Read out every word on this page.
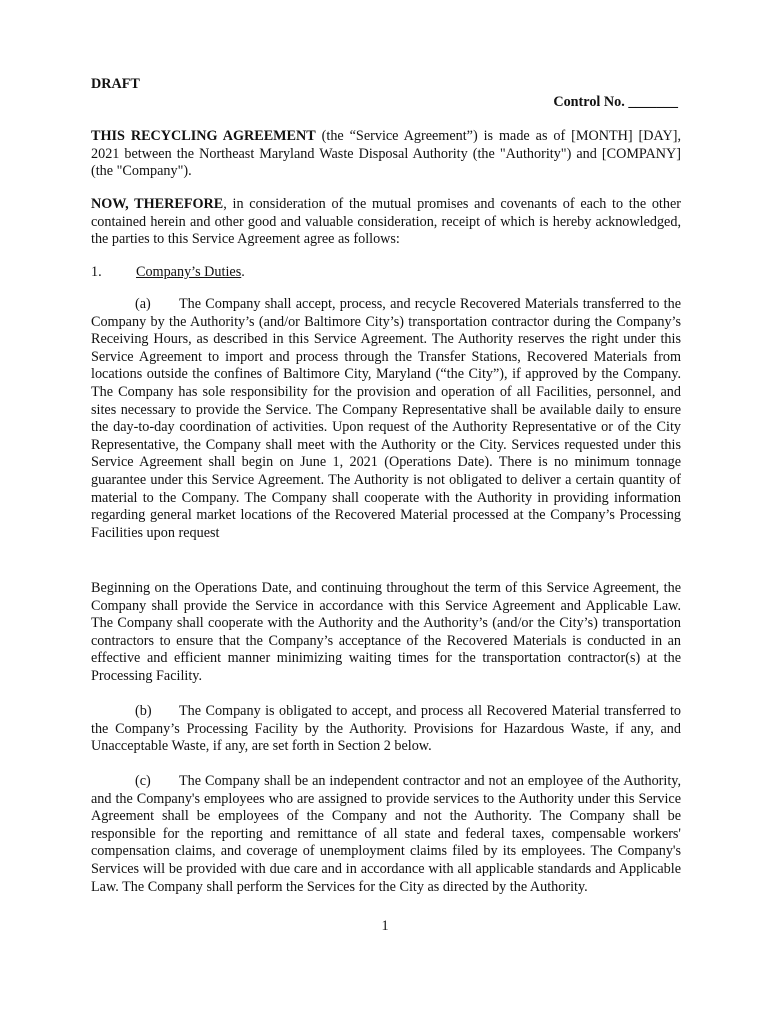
DRAFT
Control No. _______

THIS RECYCLING AGREEMENT (the “Service Agreement”) is made as of [MONTH] [DAY], 2021 between the Northeast Maryland Waste Disposal Authority (the "Authority") and [COMPANY] (the "Company").

NOW, THEREFORE, in consideration of the mutual promises and covenants of each to the other contained herein and other good and valuable consideration, receipt of which is hereby acknowledged, the parties to this Service Agreement agree as follows:

1. Company’s Duties.

(a) The Company shall accept, process, and recycle Recovered Materials transferred to the Company by the Authority’s (and/or Baltimore City’s) transportation contractor during the Company’s Receiving Hours, as described in this Service Agreement. The Authority reserves the right under this Service Agreement to import and process through the Transfer Stations, Recovered Materials from locations outside the confines of Baltimore City, Maryland (“the City”), if approved by the Company. The Company has sole responsibility for the provision and operation of all Facilities, personnel, and sites necessary to provide the Service. The Company Representative shall be available daily to ensure the day-to-day coordination of activities. Upon request of the Authority Representative or of the City Representative, the Company shall meet with the Authority or the City. Services requested under this Service Agreement shall begin on June 1, 2021 (Operations Date). There is no minimum tonnage guarantee under this Service Agreement. The Authority is not obligated to deliver a certain quantity of material to the Company. The Company shall cooperate with the Authority in providing information regarding general market locations of the Recovered Material processed at the Company’s Processing Facilities upon request

Beginning on the Operations Date, and continuing throughout the term of this Service Agreement, the Company shall provide the Service in accordance with this Service Agreement and Applicable Law. The Company shall cooperate with the Authority and the Authority’s (and/or the City’s) transportation contractors to ensure that the Company’s acceptance of the Recovered Materials is conducted in an effective and efficient manner minimizing waiting times for the transportation contractor(s) at the Processing Facility.

(b) The Company is obligated to accept, and process all Recovered Material transferred to the Company’s Processing Facility by the Authority. Provisions for Hazardous Waste, if any, and Unacceptable Waste, if any, are set forth in Section 2 below.

(c) The Company shall be an independent contractor and not an employee of the Authority, and the Company's employees who are assigned to provide services to the Authority under this Service Agreement shall be employees of the Company and not the Authority. The Company shall be responsible for the reporting and remittance of all state and federal taxes, compensable workers' compensation claims, and coverage of unemployment claims filed by its employees. The Company's Services will be provided with due care and in accordance with all applicable standards and Applicable Law. The Company shall perform the Services for the City as directed by the Authority.

1
